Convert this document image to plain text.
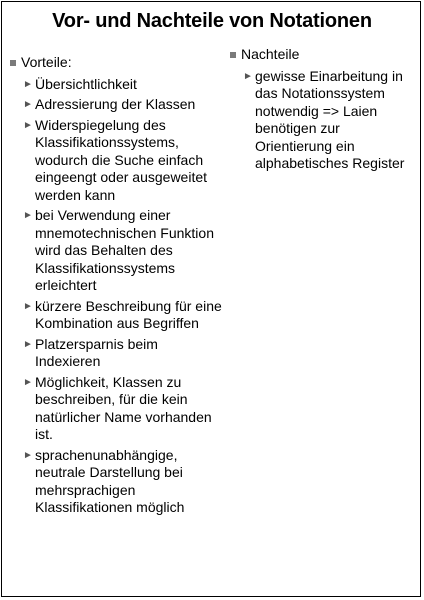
Vor- und Nachteile von Notationen
Vorteile:
► Übersichtlichkeit
► Adressierung der Klassen
► Widerspiegelung des Klassifikationssystems, wodurch die Suche einfach eingeengt oder ausgeweitet werden kann
► bei Verwendung einer mnemotechnischen Funktion wird das Behalten des Klassifikationssystems erleichtert
► kürzere Beschreibung für eine Kombination aus Begriffen
► Platzersparnis beim Indexieren
► Möglichkeit, Klassen zu beschreiben, für die kein natürlicher Name vorhanden ist.
► sprachenunabhängige, neutrale Darstellung bei mehrsprachigen Klassifikationen möglich
Nachteile
► gewisse Einarbeitung in das Notationssystem notwendig => Laien benötigen zur Orientierung ein alphabetisches Register
